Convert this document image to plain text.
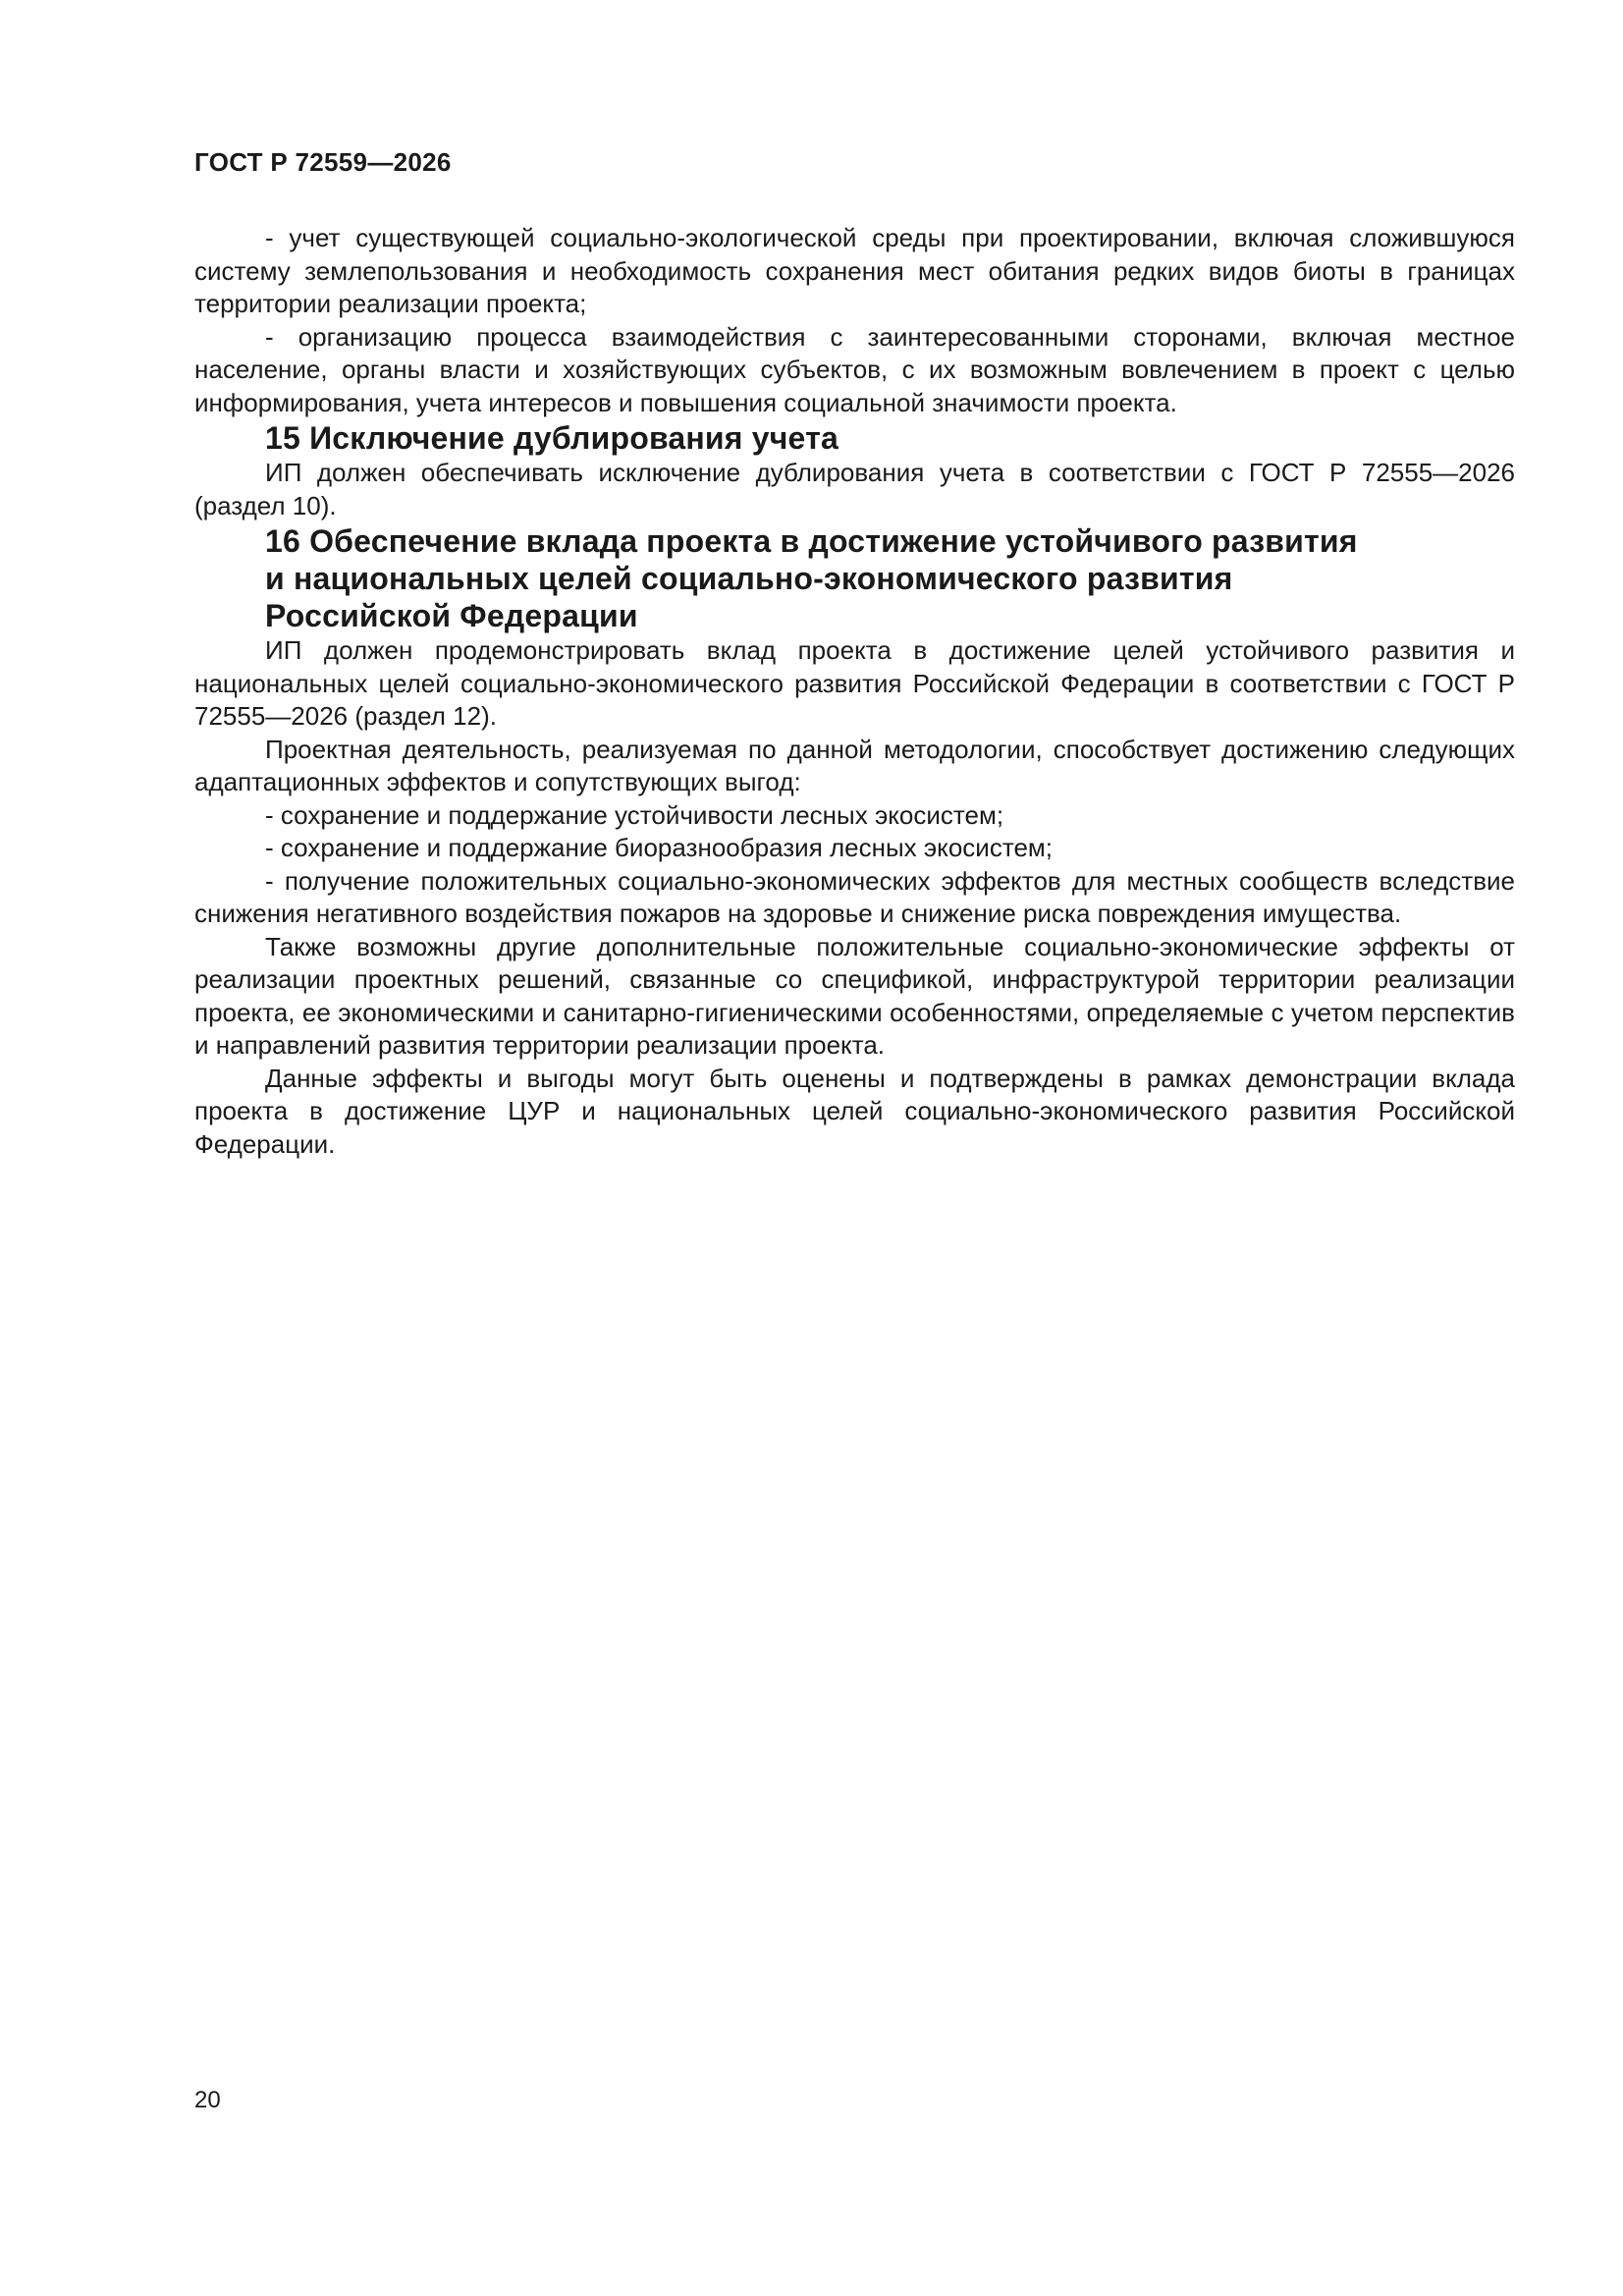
ГОСТ Р 72559—2026

- учет существующей социально-экологической среды при проектировании, включая сложившуюся систему землепользования и необходимость сохранения мест обитания редких видов биоты в границах территории реализации проекта;

- организацию процесса взаимодействия с заинтересованными сторонами, включая местное население, органы власти и хозяйствующих субъектов, с их возможным вовлечением в проект с целью информирования, учета интересов и повышения социальной значимости проекта.

15 Исключение дублирования учета

ИП должен обеспечивать исключение дублирования учета в соответствии с ГОСТ Р 72555—2026 (раздел 10).

16 Обеспечение вклада проекта в достижение устойчивого развития
и национальных целей социально-экономического развития
Российской Федерации

ИП должен продемонстрировать вклад проекта в достижение целей устойчивого развития и национальных целей социально-экономического развития Российской Федерации в соответствии с ГОСТ Р 72555—2026 (раздел 12).

Проектная деятельность, реализуемая по данной методологии, способствует достижению следующих адаптационных эффектов и сопутствующих выгод:

- сохранение и поддержание устойчивости лесных экосистем;

- сохранение и поддержание биоразнообразия лесных экосистем;

- получение положительных социально-экономических эффектов для местных сообществ вследствие снижения негативного воздействия пожаров на здоровье и снижение риска повреждения имущества.

Также возможны другие дополнительные положительные социально-экономические эффекты от реализации проектных решений, связанные со спецификой, инфраструктурой территории реализации проекта, ее экономическими и санитарно-гигиеническими особенностями, определяемые с учетом перспектив и направлений развития территории реализации проекта.

Данные эффекты и выгоды могут быть оценены и подтверждены в рамках демонстрации вклада проекта в достижение ЦУР и национальных целей социально-экономического развития Российской Федерации.

20
